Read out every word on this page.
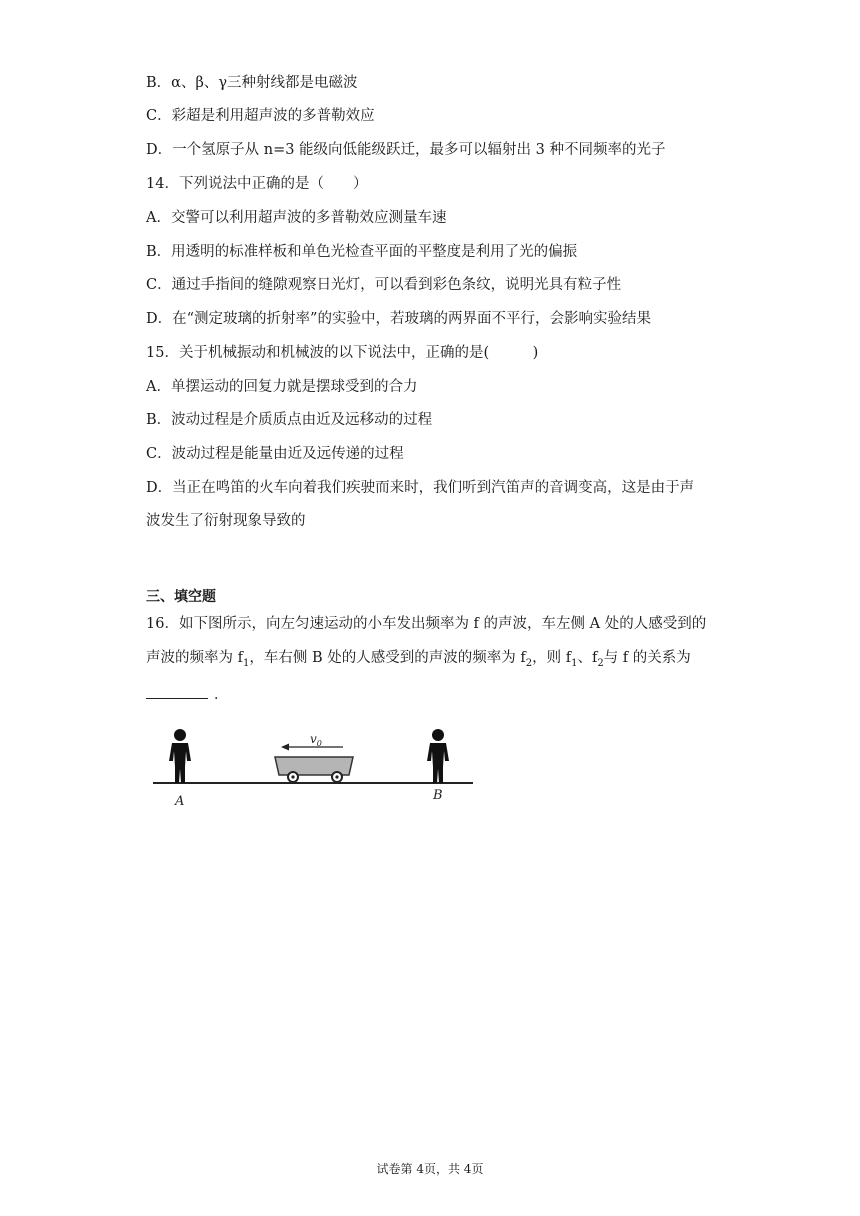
B．α、β、γ三种射线都是电磁波
C．彩超是利用超声波的多普勒效应
D．一个氢原子从 n=3 能级向低能级跃迁，最多可以辐射出 3 种不同频率的光子
14．下列说法中正确的是（　　）
A．交警可以利用超声波的多普勒效应测量车速
B．用透明的标准样板和单色光检查平面的平整度是利用了光的偏振
C．通过手指间的缝隙观察日光灯，可以看到彩色条纹，说明光具有粒子性
D．在“测定玻璃的折射率”的实验中，若玻璃的两界面不平行，会影响实验结果
15．关于机械振动和机械波的以下说法中，正确的是(　　　)
A．单摆运动的回复力就是摆球受到的合力
B．波动过程是介质质点由近及远移动的过程
C．波动过程是能量由近及远传递的过程
D．当正在鸣笛的火车向着我们疾驶而来时，我们听到汽笛声的音调变高，这是由于声
波发生了衍射现象导致的
三、填空题
16．如下图所示，向左匀速运动的小车发出频率为 f 的声波，车左侧 A 处的人感受到的
声波的频率为 $f_1$，车右侧 B 处的人感受到的声波的频率为 $f_2$，则 $f_1$、$f_2$与 f 的关系为
．
$v_0$
A	B
试卷第 4页，共 4页
